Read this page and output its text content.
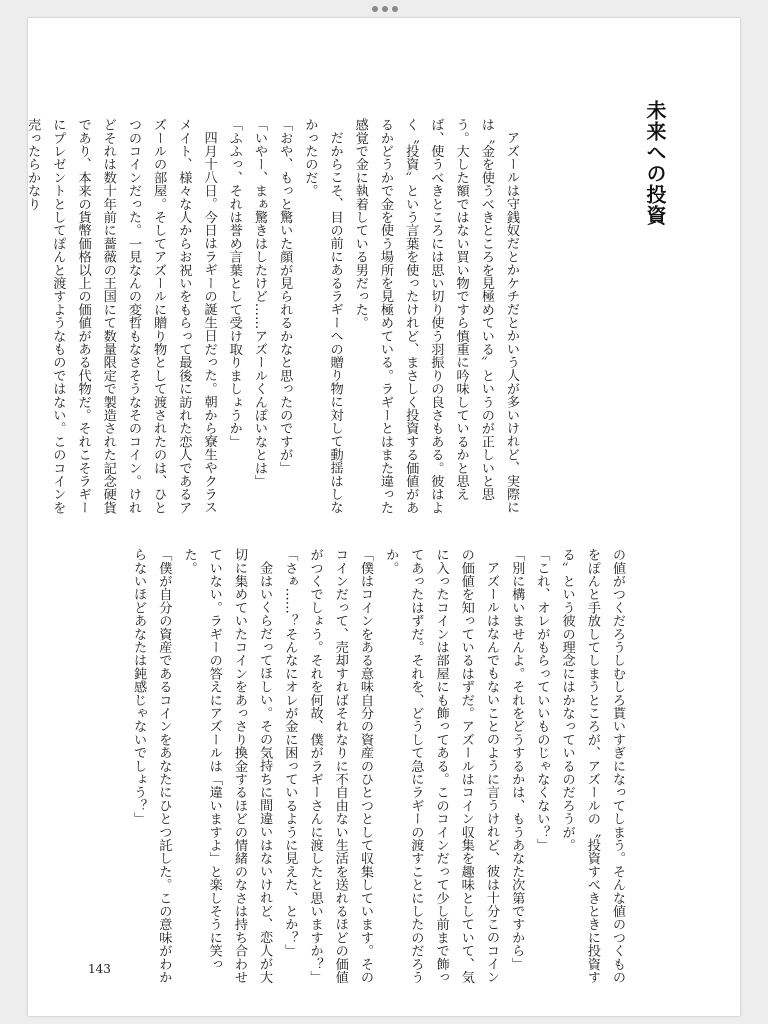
未来への投資

アズールは守銭奴だとかケチだとかいう人が多いけれど、実際には〝金を使うべきところを見極めている〟というのが正しいと思う。大した額ではない買い物ですら慎重に吟味しているかと思えば、使うべきところには思い切り使う羽振りの良さもある。彼はよく〝投資〟という言葉を使ったけれど、まさしく投資する価値があるかどうかで金を使う場所を見極めている。ラギーとはまた違った感覚で金に執着している男だった。

だからこそ、目の前にあるラギーへの贈り物に対して動揺はしなかったのだ。

「おや、もっと驚いた顔が見られるかなと思ったのですが」

「いやー、まぁ驚きはしたけど……アズールくんぽいなとは」

「ふふっ、それは誉め言葉として受け取りましょうか」

四月十八日。今日はラギーの誕生日だった。朝から寮生やクラスメイト、様々な人からお祝いをもらって最後に訪れた恋人であるアズールの部屋。そしてアズールに贈り物として渡されたのは、ひとつのコインだった。一見なんの変哲もなさそうなそのコイン。けれどそれは数十年前に薔薇の王国にて数量限定で製造された記念硬貨であり、本来の貨幣価格以上の価値がある代物だ。それこそラギーにプレゼントとしてぽんと渡すようなものではない。このコインを売ったらかなり

の値がつくだろうしむしろ貰いすぎになってしまう。そんな値のつくものをぽんと手放してしまうところが、アズールの〝投資すべきときに投資する〟という彼の理念にはかなっているのだろうが。

「これ、オレがもらっていいものじゃなくない？」

「別に構いませんよ。それをどうするかは、もうあなた次第ですから」

アズールはなんでもないことのように言うけれど、彼は十分このコインの価値を知っているはずだ。アズールはコイン収集を趣味としていて、気に入ったコインは部屋にも飾ってある。このコインだって少し前まで飾ってあったはずだ。それを、どうして急にラギーの渡すことにしたのだろうか。

「僕はコインをある意味自分の資産のひとつとして収集しています。そのコインだって、売却すればそれなりに不自由ない生活を送れるほどの価値がつくでしょう。それを何故、僕がラギーさんに渡したと思いますか？」

「さぁ……？そんなにオレが金に困っているように見えた、とか？」

金はいくらだってほしい。その気持ちに間違いはないけれど、恋人が大切に集めていたコインをあっさり換金するほどの情緒のなさは持ち合わせていない。ラギーの答えにアズールは「違いますよ」と楽しそうに笑った。

「僕が自分の資産であるコインをあなたにひとつ託した。この意味がわからないほどあなたは鈍感じゃないでしょう？」

143
